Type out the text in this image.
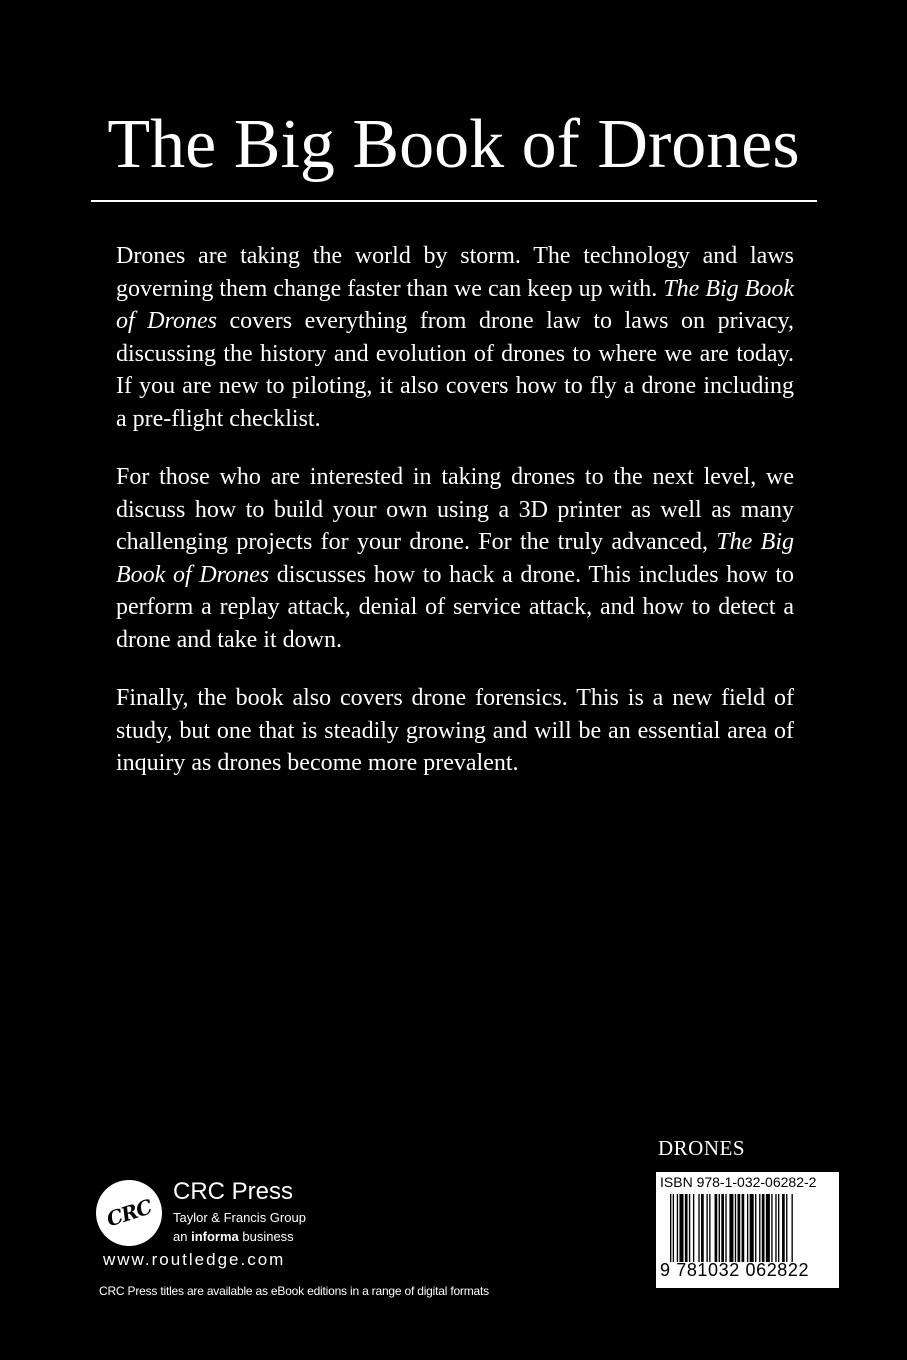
The Big Book of Drones

Drones are taking the world by storm. The technology and laws governing them change faster than we can keep up with. The Big Book of Drones covers everything from drone law to laws on privacy, discussing the history and evolution of drones to where we are today. If you are new to piloting, it also covers how to fly a drone including a pre-flight checklist.

For those who are interested in taking drones to the next level, we discuss how to build your own using a 3D printer as well as many challenging projects for your drone. For the truly advanced, The Big Book of Drones discusses how to hack a drone. This includes how to perform a replay attack, denial of service attack, and how to detect a drone and take it down.

Finally, the book also covers drone forensics. This is a new field of study, but one that is steadily growing and will be an essential area of inquiry as drones become more prevalent.

DRONES
ISBN 978-1-032-06282-2
9 781032 062822
CRC
CRC Press
Taylor & Francis Group
an informa business
www.routledge.com
CRC Press titles are available as eBook editions in a range of digital formats
